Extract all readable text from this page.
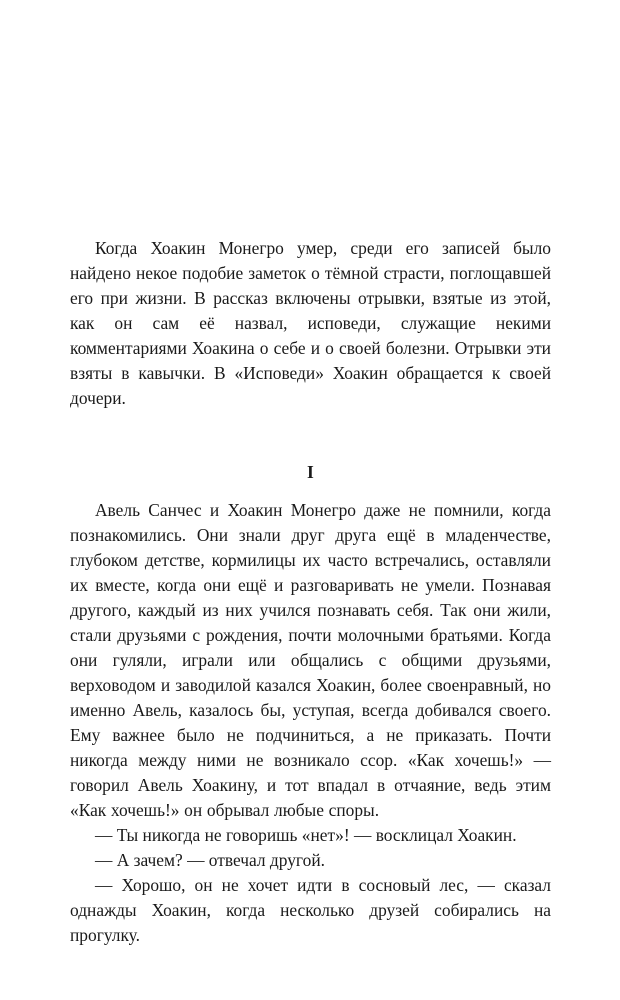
Когда Хоакин Монегро умер, среди его записей было найдено некое подобие заметок о тёмной страсти, поглощавшей его при жизни. В рассказ включены отрывки, взятые из этой, как он сам её назвал, исповеди, служащие некими комментариями Хоакина о себе и о своей болезни. Отрывки эти взяты в кавычки. В «Исповеди» Хоакин обращается к своей дочери.

I

Авель Санчес и Хоакин Монегро даже не помнили, когда познакомились. Они знали друг друга ещё в младенчестве, глубоком детстве, кормилицы их часто встречались, оставляли их вместе, когда они ещё и разговаривать не умели. Познавая другого, каждый из них учился познавать себя. Так они жили, стали друзьями с рождения, почти молочными братьями. Когда они гуляли, играли или общались с общими друзьями, верховодом и заводилой казался Хоакин, более своенравный, но именно Авель, казалось бы, уступая, всегда добивался своего. Ему важнее было не подчиниться, а не приказать. Почти никогда между ними не возникало ссор. «Как хочешь!» — говорил Авель Хоакину, и тот впадал в отчаяние, ведь этим «Как хочешь!» он обрывал любые споры.

— Ты никогда не говоришь «нет»! — восклицал Хоакин.

— А зачем? — отвечал другой.

— Хорошо, он не хочет идти в сосновый лес, — сказал однажды Хоакин, когда несколько друзей собирались на прогулку.
